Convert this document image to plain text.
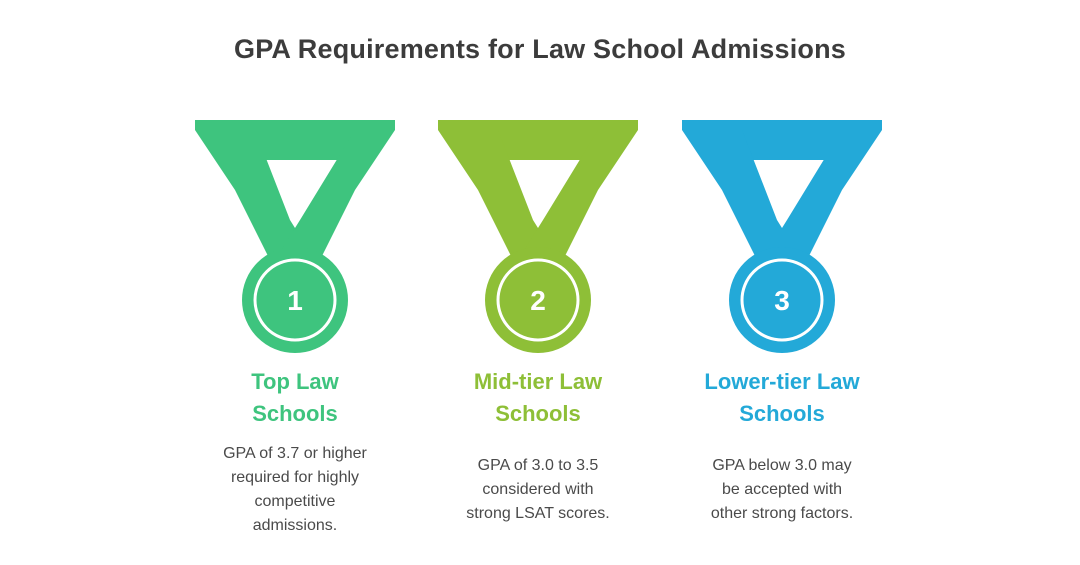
GPA Requirements for Law School Admissions
1
Top Law
Schools
GPA of 3.7 or higher
required for highly
competitive
admissions.
2
Mid-tier Law
Schools
GPA of 3.0 to 3.5
considered with
strong LSAT scores.
3
Lower-tier Law
Schools
GPA below 3.0 may
be accepted with
other strong factors.
